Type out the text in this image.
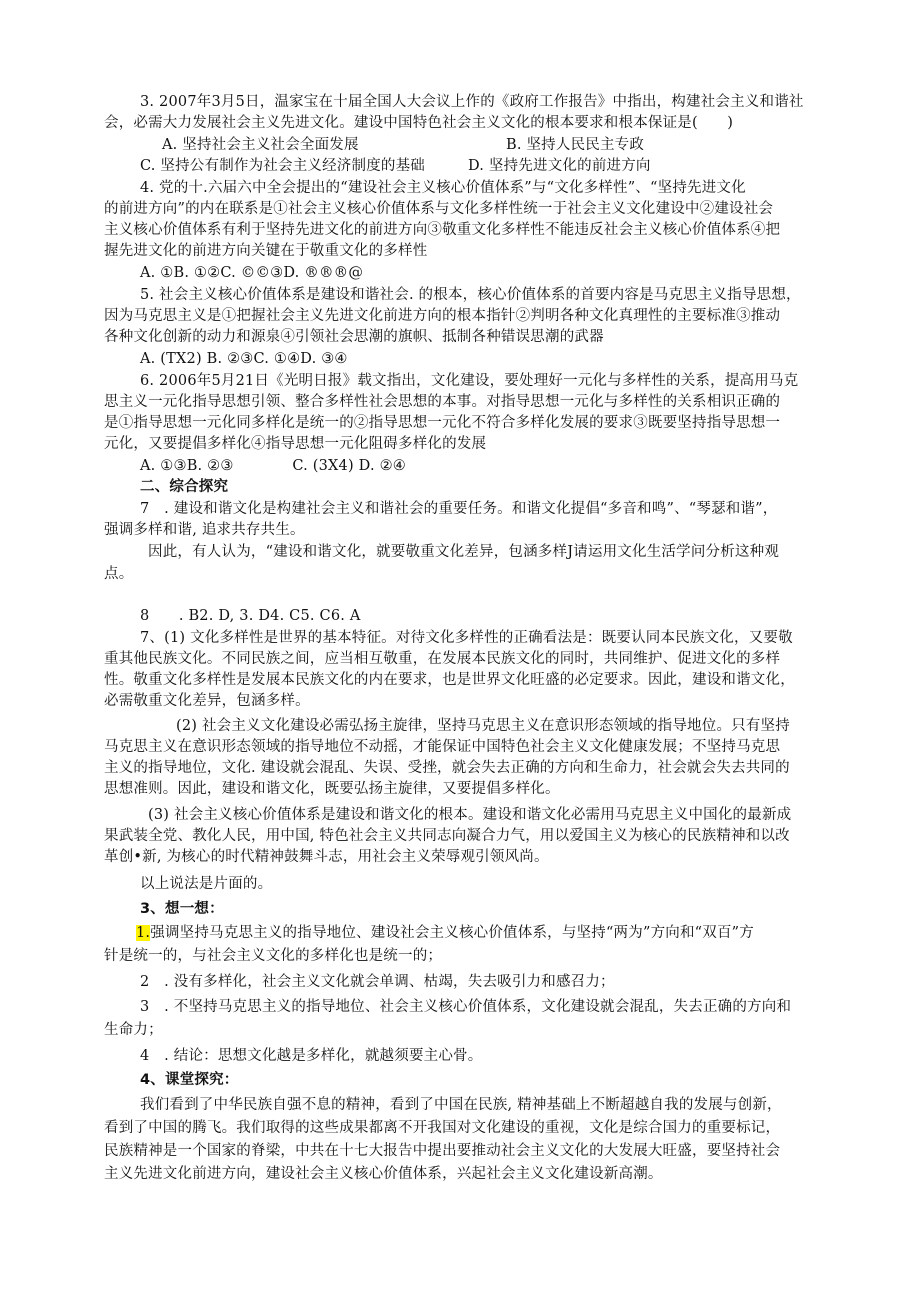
3. 2007年3月5日，温家宝在十届全国人大会议上作的《政府工作报告》中指出，构建社会主义和谐社

会，必需大力发展社会主义先进文化。建设中国特色社会主义文化的根本要求和根本保证是(　　)

A. 坚持社会主义社会全面发展	B. 坚持人民民主专政

C. 坚持公有制作为社会主义经济制度的基础	D. 坚持先进文化的前进方向

4. 党的十.六届六中全会提出的“建设社会主义核心价值体系”与“文化多样性”、“坚持先进文化

的前进方向”的内在联系是①社会主义核心价值体系与文化多样性统一于社会主义文化建设中②建设社会

主义核心价值体系有利于坚持先进文化的前进方向③敬重文化多样性不能违反社会主义核心价值体系④把

握先进文化的前进方向关键在于敬重文化的多样性

A. ①B. ①②C. ©©③D. ®®®@

5. 社会主义核心价值体系是建设和谐社会. 的根本，核心价值体系的首要内容是马克思主义指导思想，

因为马克思主义是①把握社会主义先进文化前进方向的根本指针②判明各种文化真理性的主要标准③推动

各种文化创新的动力和源泉④引领社会思潮的旗帜、抵制各种错误思潮的武器

A. (TX2) B. ②③C. ①④D. ③④

6. 2006年5月21日《光明日报》载文指出，文化建设，要处理好一元化与多样性的关系，提高用马克

思主义一元化指导思想引领、整合多样性社会思想的本事。对指导思想一元化与多样性的关系相识正确的

是①指导思想一元化同多样化是统一的②指导思想一元化不符合多样化发展的要求③既要坚持指导思想一

元化，又要提倡多样化④指导思想一元化阻碍多样化的发展

A. ①③B. ②③　　　　C. (3X4) D. ②④

二、综合探究

7　. 建设和谐文化是构建社会主义和谐社会的重要任务。和谐文化提倡“多音和鸣”、“琴瑟和谐”，

强调多样和谐, 追求共存共生。

因此，有人认为，“建设和谐文化，就要敬重文化差异，包涵多样J请运用文化生活学问分析这种观

点。

8　　. B2. D, 3. D4. C5. C6. A

7、(1) 文化多样性是世界的基本特征。对待文化多样性的正确看法是：既要认同本民族文化，又要敬

重其他民族文化。不同民族之间，应当相互敬重，在发展本民族文化的同时，共同维护、促进文化的多样

性。敬重文化多样性是发展本民族文化的内在要求，也是世界文化旺盛的必定要求。因此，建设和谐文化，

必需敬重文化差异，包涵多样。

(2) 社会主义文化建设必需弘扬主旋律，坚持马克思主义在意识形态领域的指导地位。只有坚持

马克思主义在意识形态领域的指导地位不动摇，才能保证中国特色社会主义文化健康发展；不坚持马克思

主义的指导地位，文化. 建设就会混乱、失误、受挫，就会失去正确的方向和生命力，社会就会失去共同的

思想准则。因此，建设和谐文化，既要弘扬主旋律，又要提倡多样化。

(3) 社会主义核心价值体系是建设和谐文化的根本。建设和谐文化必需用马克思主义中国化的最新成

果武装全党、教化人民，用中国, 特色社会主义共同志向凝合力气，用以爱国主义为核心的民族精神和以改

革创•新, 为核心的时代精神鼓舞斗志，用社会主义荣辱观引领风尚。

以上说法是片面的。

3、想一想：

1.强调坚持马克思主义的指导地位、建设社会主义核心价值体系，与坚持“两为”方向和“双百”方

针是统一的，与社会主义文化的多样化也是统一的；

2　. 没有多样化，社会主义文化就会单调、枯竭，失去吸引力和感召力；

3　. 不坚持马克思主义的指导地位、社会主义核心价值体系，文化建设就会混乱，失去正确的方向和

生命力；

4　. 结论：思想文化越是多样化，就越须要主心骨。

4、课堂探究：

我们看到了中华民族自强不息的精神，看到了中国在民族, 精神基础上不断超越自我的发展与创新，

看到了中国的腾飞。我们取得的这些成果都离不开我国对文化建设的重视，文化是综合国力的重要标记，

民族精神是一个国家的脊梁，中共在十七大报告中提出要推动社会主义文化的大发展大旺盛，要坚持社会

主义先进文化前进方向，建设社会主义核心价值体系，兴起社会主义文化建设新高潮。
